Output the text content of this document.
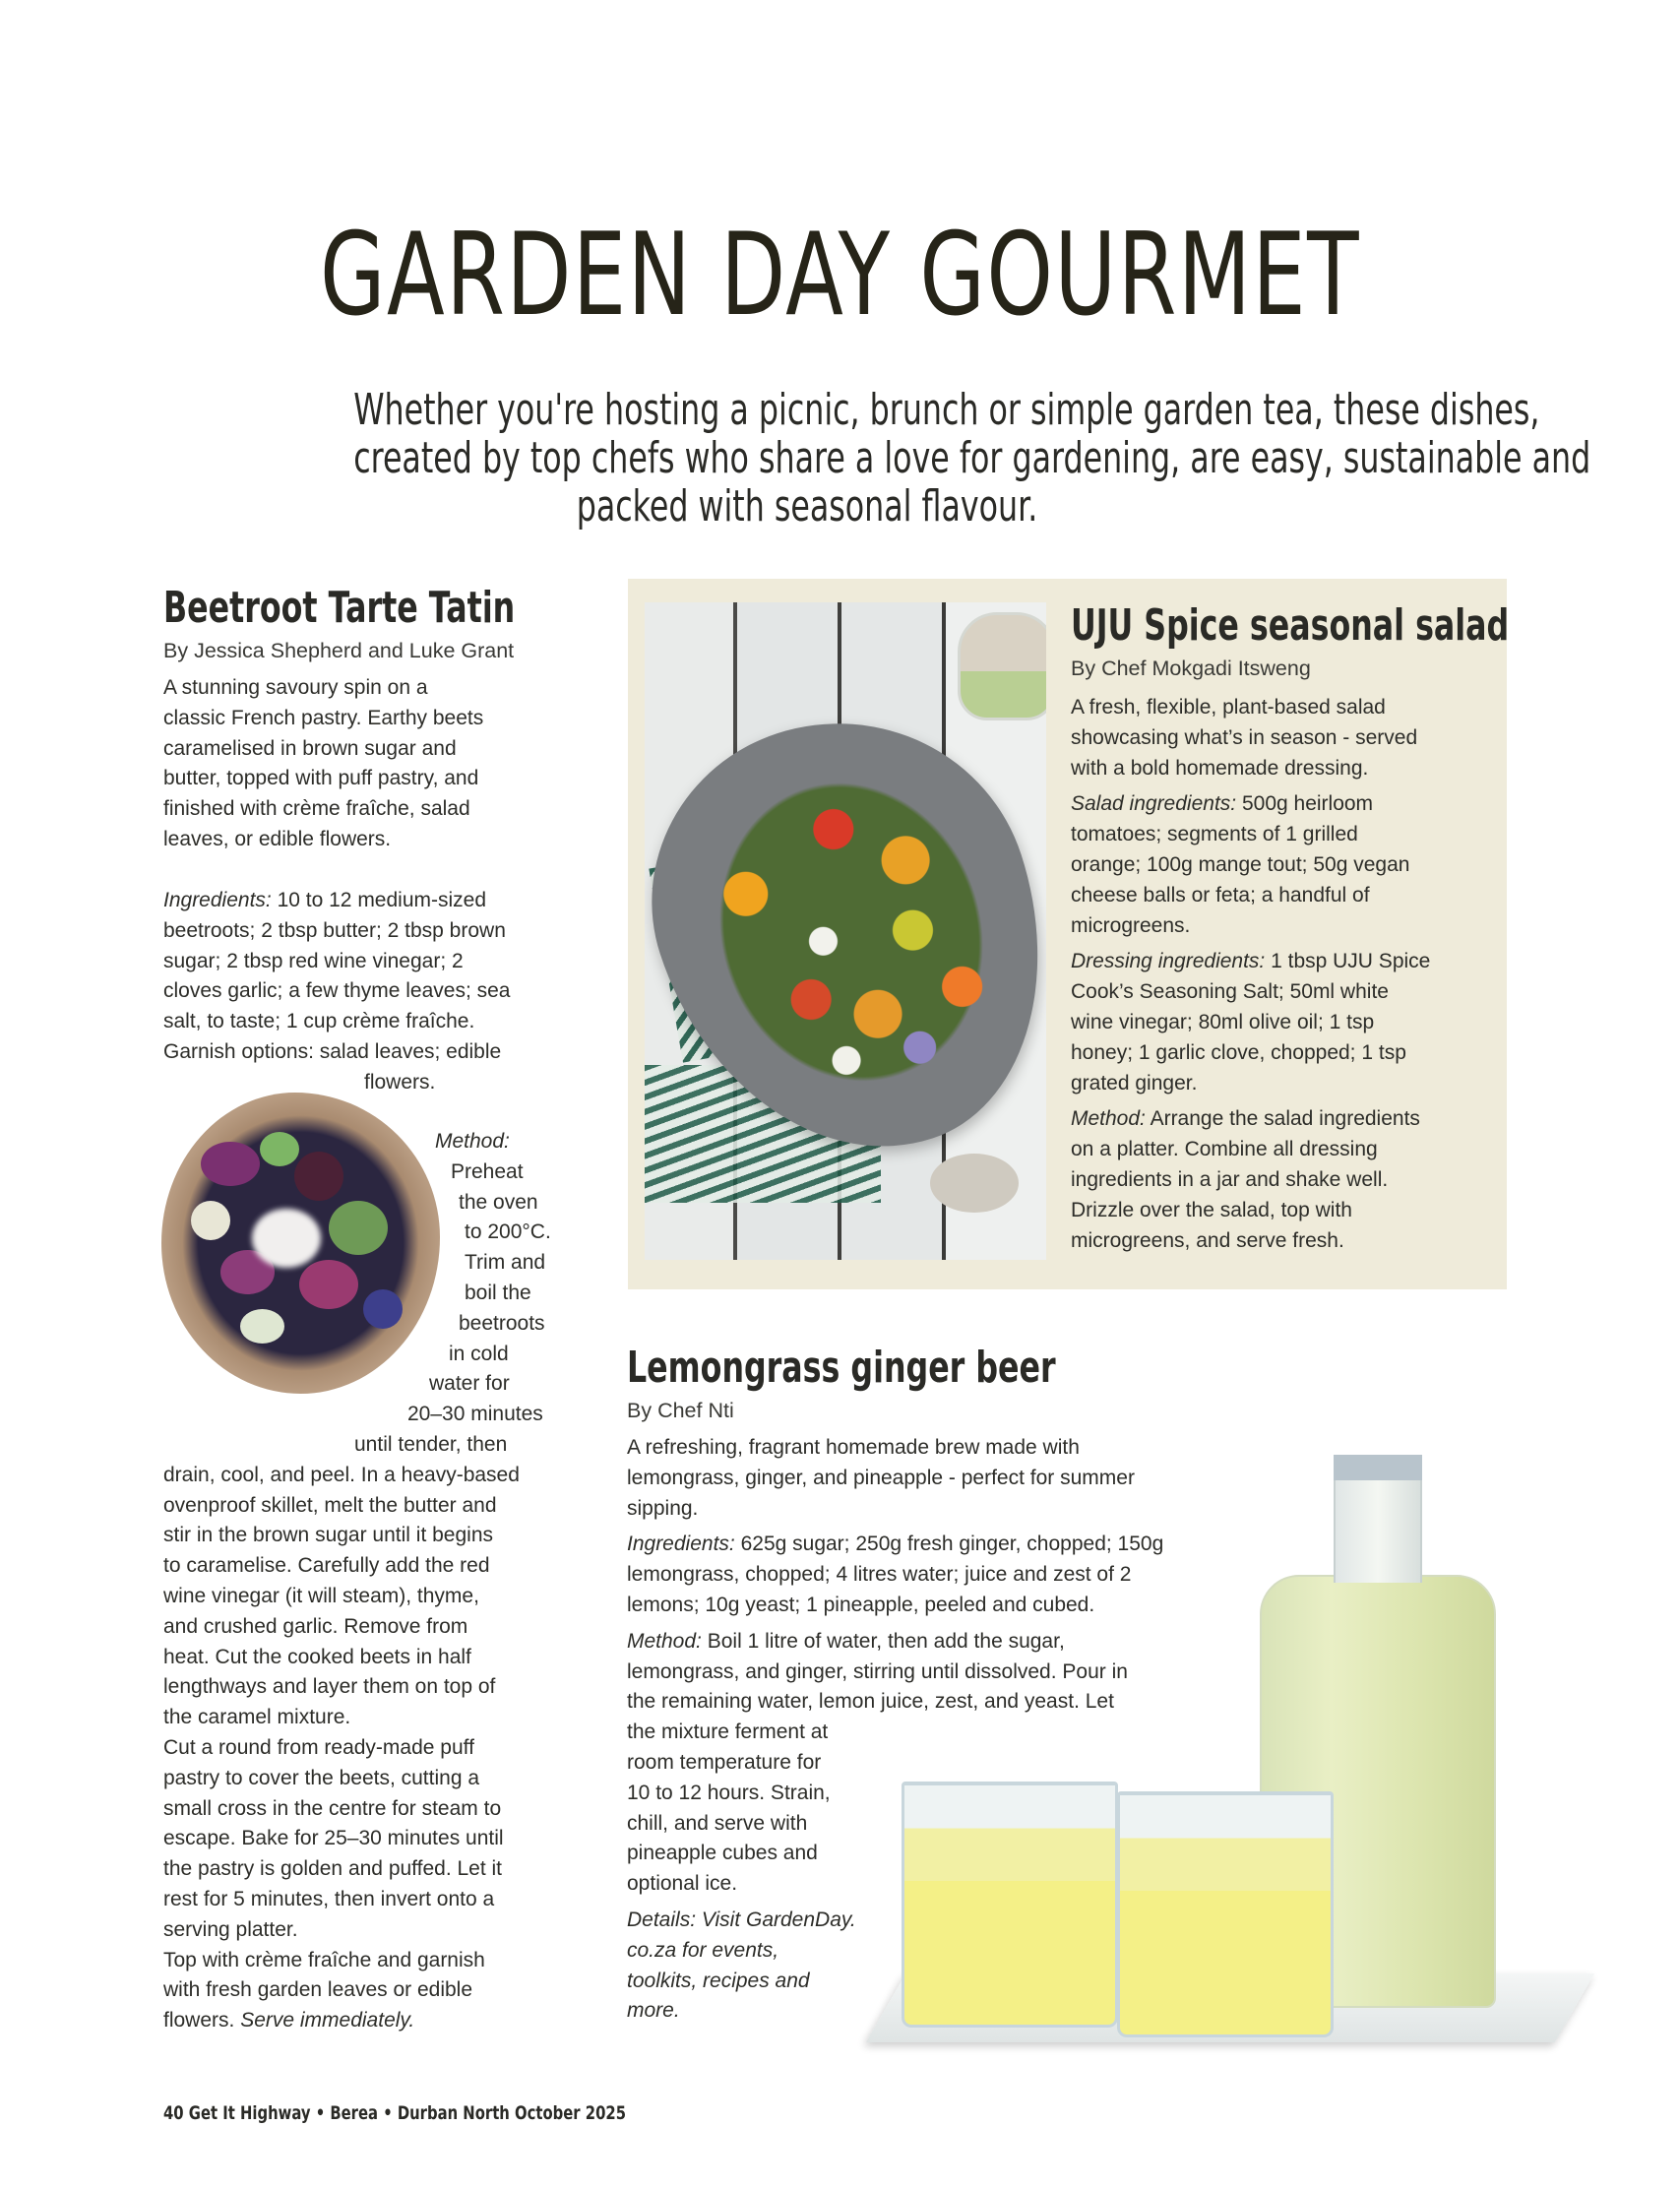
GARDEN DAY GOURMET
Whether you're hosting a picnic, brunch or simple garden tea, these dishes,
created by top chefs who share a love for gardening, are easy, sustainable and
packed with seasonal flavour.
Beetroot Tarte Tatin
By Jessica Shepherd and Luke Grant
A stunning savoury spin on a
classic French pastry. Earthy beets
caramelised in brown sugar and
butter, topped with puff pastry, and
finished with crème fraîche, salad
leaves, or edible flowers.
Ingredients: 10 to 12 medium-sized
beetroots; 2 tbsp butter; 2 tbsp brown
sugar; 2 tbsp red wine vinegar; 2
cloves garlic; a few thyme leaves; sea
salt, to taste; 1 cup crème fraîche.
Garnish options: salad leaves; edible
flowers.
Method:
Preheat
the oven
to 200°C.
Trim and
boil the
beetroots
in cold
water for
20–30 minutes
until tender, then
drain, cool, and peel. In a heavy-based
ovenproof skillet, melt the butter and
stir in the brown sugar until it begins
to caramelise. Carefully add the red
wine vinegar (it will steam), thyme,
and crushed garlic. Remove from
heat. Cut the cooked beets in half
lengthways and layer them on top of
the caramel mixture.
Cut a round from ready-made puff
pastry to cover the beets, cutting a
small cross in the centre for steam to
escape. Bake for 25–30 minutes until
the pastry is golden and puffed. Let it
rest for 5 minutes, then invert onto a
serving platter.
Top with crème fraîche and garnish
with fresh garden leaves or edible
flowers. Serve immediately.
UJU Spice seasonal salad
By Chef Mokgadi Itsweng
A fresh, flexible, plant-based salad
showcasing what’s in season - served
with a bold homemade dressing.
Salad ingredients: 500g heirloom
tomatoes; segments of 1 grilled
orange; 100g mange tout; 50g vegan
cheese balls or feta; a handful of
microgreens.
Dressing ingredients: 1 tbsp UJU Spice
Cook’s Seasoning Salt; 50ml white
wine vinegar; 80ml olive oil; 1 tsp
honey; 1 garlic clove, chopped; 1 tsp
grated ginger.
Method: Arrange the salad ingredients
on a platter. Combine all dressing
ingredients in a jar and shake well.
Drizzle over the salad, top with
microgreens, and serve fresh.
Lemongrass ginger beer
By Chef Nti
A refreshing, fragrant homemade brew made with
lemongrass, ginger, and pineapple - perfect for summer
sipping.
Ingredients: 625g sugar; 250g fresh ginger, chopped; 150g
lemongrass, chopped; 4 litres water; juice and zest of 2
lemons; 10g yeast; 1 pineapple, peeled and cubed.
Method: Boil 1 litre of water, then add the sugar,
lemongrass, and ginger, stirring until dissolved. Pour in
the remaining water, lemon juice, zest, and yeast. Let
the mixture ferment at
room temperature for
10 to 12 hours. Strain,
chill, and serve with
pineapple cubes and
optional ice.
Details: Visit GardenDay.
co.za for events,
toolkits, recipes and
more.
40 Get It Highway • Berea • Durban North October 2025
